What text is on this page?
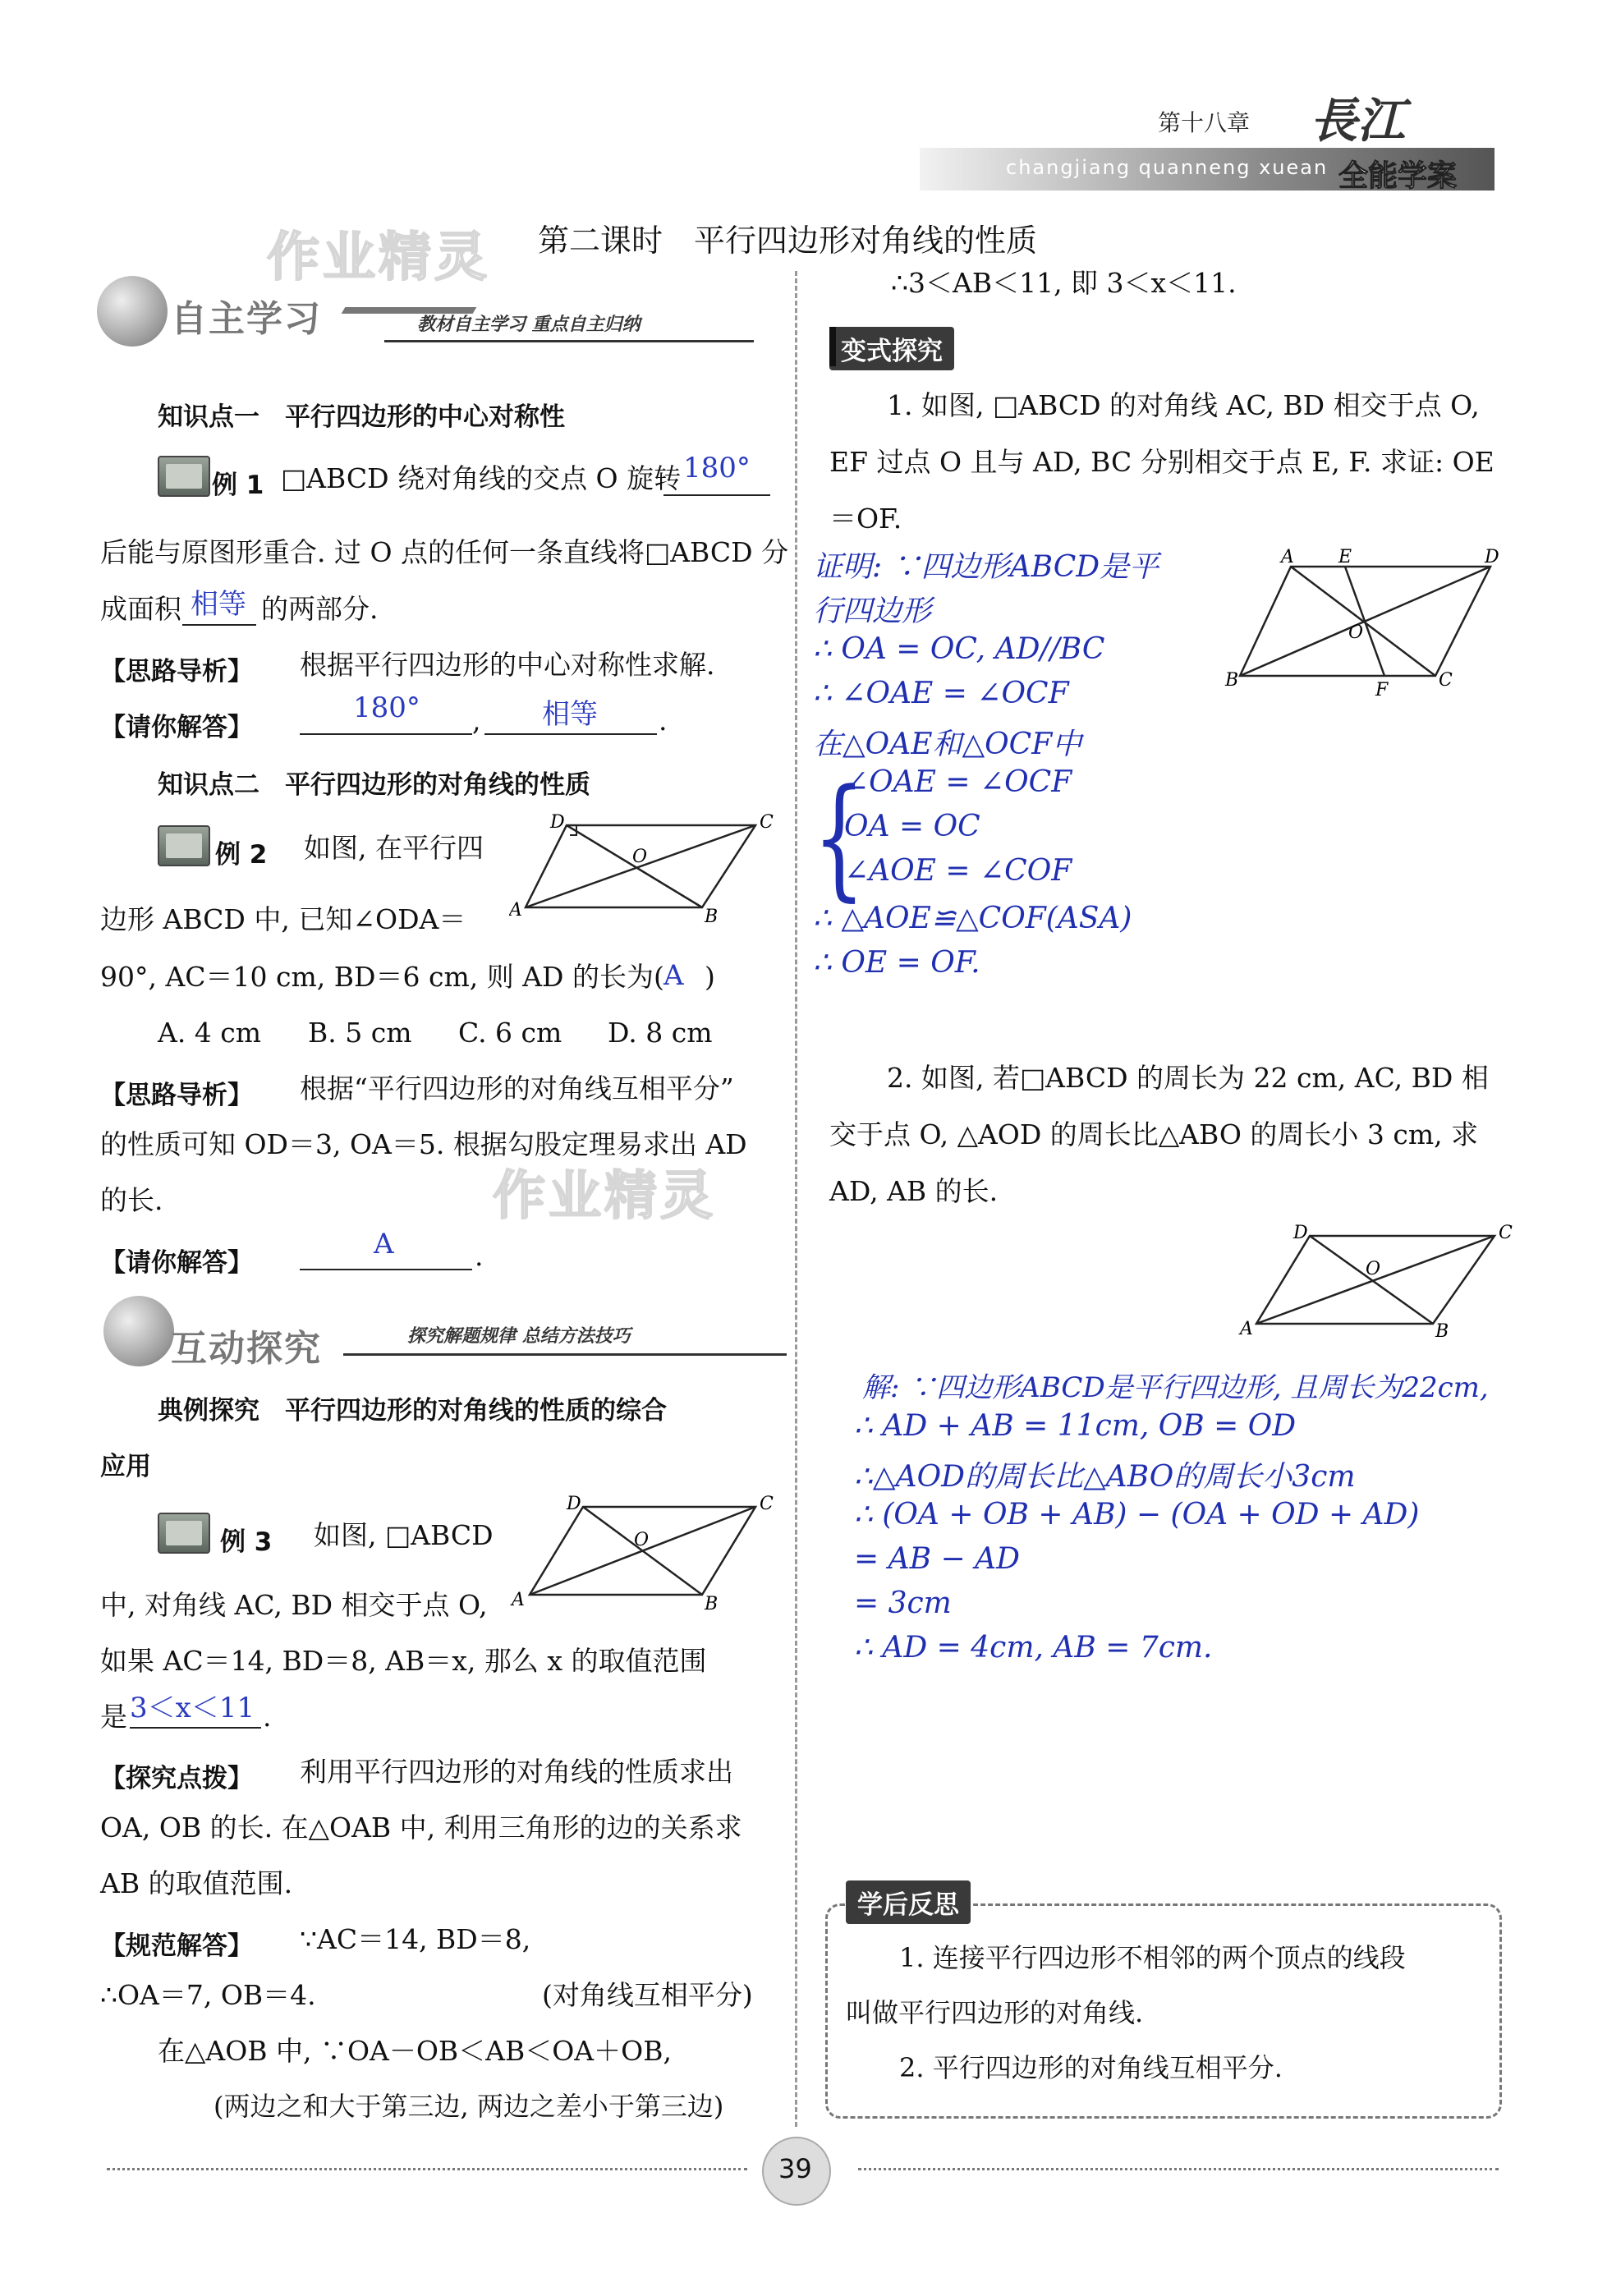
第十八章
changjiang quanneng xuean
長江
全能学案
作业精灵
作业精灵
第二课时　平行四边形对角线的性质
自主学习	教材自主学习 重点自主归纳
知识点一　平行四边形的中心对称性
例 1 □ABCD 绕对角线的交点 O 旋转 180°
后能与原图形重合. 过 O 点的任何一条直线将□ABCD 分
成面积 相等 的两部分.
【思路导析】 根据平行四边形的中心对称性求解.
【请你解答】
180° , 相等 .
知识点二　平行四边形的对角线的性质
例 2 如图, 在平行四
D	C
A	B
O
边形 ABCD 中, 已知∠ODA＝
90°, AC＝10 cm, BD＝6 cm, 则 AD 的长为( A )
A. 4 cm B. 5 cm C. 6 cm D. 8 cm
【思路导析】 根据“平行四边形的对角线互相平分”
的性质可知 OD＝3, OA＝5. 根据勾股定理易求出 AD
的长.
【请你解答】
A	.
互动探究	探究解题规律 总结方法技巧
典例探究　平行四边形的对角线的性质的综合
应用
例 3 如图, □ABCD
D	C
A	B
O
中, 对角线 AC, BD 相交于点 O,
如果 AC＝14, BD＝8, AB＝x, 那么 x 的取值范围
是 3＜x＜11 .
【探究点拨】 利用平行四边形的对角线的性质求出
OA, OB 的长. 在△OAB 中, 利用三角形的边的关系求
AB 的取值范围.
【规范解答】 ∵AC＝14, BD＝8,
∴OA＝7, OB＝4.	(对角线互相平分)
在△AOB 中, ∵OA－OB＜AB＜OA＋OB,
(两边之和大于第三边, 两边之差小于第三边)
∴3＜AB＜11, 即 3＜x＜11.
变式探究
1. 如图, □ABCD 的对角线 AC, BD 相交于点 O,
EF 过点 O 且与 AD, BC 分别相交于点 E, F. 求证: OE
＝OF.
证明: ∵四边形ABCD是平
行四边形
∴ OA = OC, AD//BC
∴ ∠OAE = ∠OCF
在△OAE和△OCF中
{
∠OAE = ∠OCF
OA = OC
∠AOE = ∠COF
∴ △AOE≌△COF(ASA)
∴ OE = OF.
A E	D
O
B	F	C
2. 如图, 若□ABCD 的周长为 22 cm, AC, BD 相
交于点 O, △AOD 的周长比△ABO 的周长小 3 cm, 求
AD, AB 的长.
D	C
O
A	B
解: ∵四边形ABCD是平行四边形, 且周长为22cm,
∴ AD + AB = 11cm, OB = OD
∴△AOD的周长比△ABO的周长小3cm
∴ (OA + OB + AB) − (OA + OD + AD)
= AB − AD
= 3cm
∴ AD = 4cm, AB = 7cm.
学后反思
1. 连接平行四边形不相邻的两个顶点的线段
叫做平行四边形的对角线.
2. 平行四边形的对角线互相平分.
39
